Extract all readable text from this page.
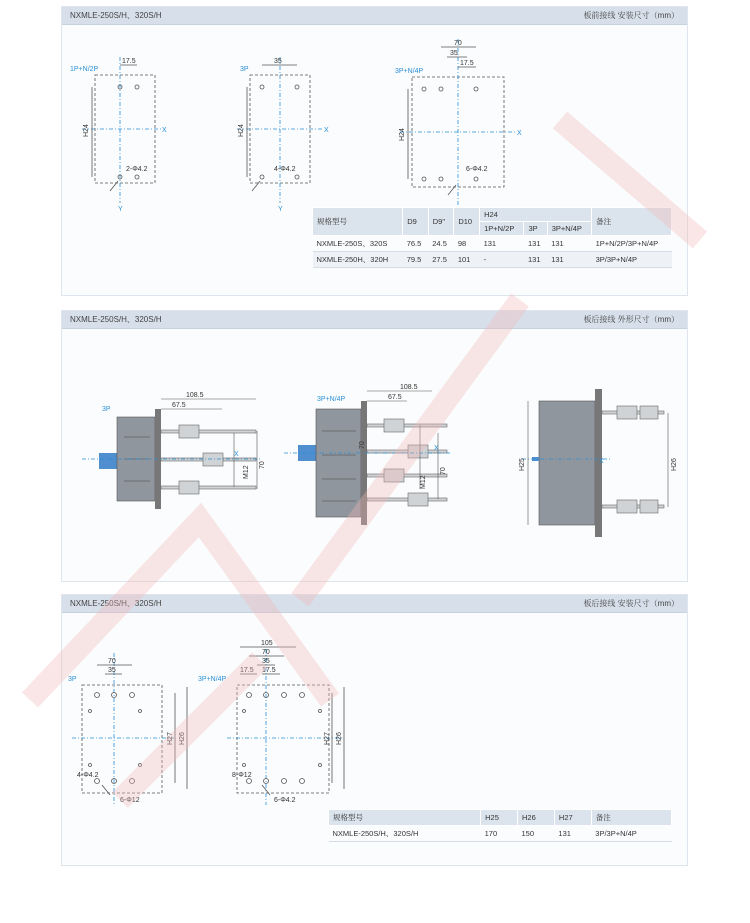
NXMLE-250S/H、320S/H	板前接线 安装尺寸（mm）
1P+N/2P
17.5
H24
2-Φ4.2
X
Y
3P
35
H24
4-Φ4.2
X
Y
3P+N/4P
70
35
17.5
H24
6-Φ4.2
X
规格型号	D9	D9"	D10	H24			备注
				1P+N/2P	3P	3P+N/4P	
NXMLE-250S、320S	76.5	24.5	98	131	131	131	1P+N/2P/3P+N/4P
NXMLE-250H、320H	79.5	27.5	101	-	131	131	3P/3P+N/4P
NXMLE-250S/H、320S/H	板后接线 外形尺寸（mm）
3P
108.5
67.5
M12
70
X
3P+N/4P
108.5
67.5
70
M12
70
X
H25	H26
X
NXMLE-250S/H、320S/H	板后接线 安装尺寸（mm）
3P
70
35
H27 H26
4-Φ4.2
6-Φ12
3P+N/4P
105
70
35
17.5 17.5
H27 H26
8-Φ12
6-Φ4.2
规格型号	H25	H26	H27	备注
NXMLE-250S/H、320S/H	170	150	131	3P/3P+N/4P
